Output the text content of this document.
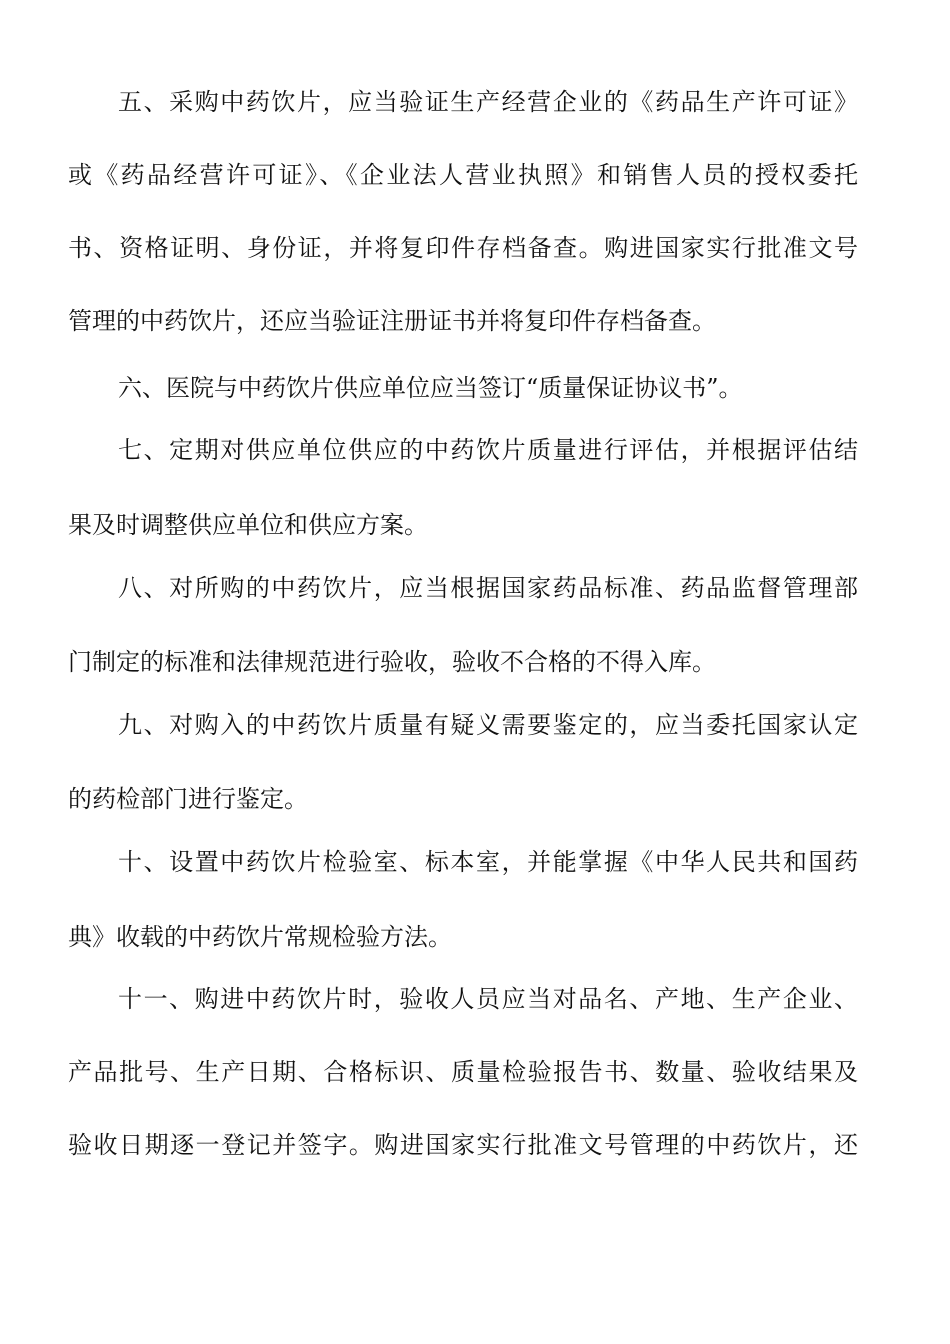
五、采购中药饮片，应当验证生产经营企业的《药品生产许可证》
或《药品经营许可证》、《企业法人营业执照》和销售人员的授权委托
书、资格证明、身份证，并将复印件存档备查。购进国家实行批准文号
管理的中药饮片，还应当验证注册证书并将复印件存档备查。
六、医院与中药饮片供应单位应当签订“质量保证协议书”。
七、定期对供应单位供应的中药饮片质量进行评估，并根据评估结
果及时调整供应单位和供应方案。
八、对所购的中药饮片，应当根据国家药品标准、药品监督管理部
门制定的标准和法律规范进行验收，验收不合格的不得入库。
九、对购入的中药饮片质量有疑义需要鉴定的，应当委托国家认定
的药检部门进行鉴定。
十、设置中药饮片检验室、标本室，并能掌握《中华人民共和国药
典》收载的中药饮片常规检验方法。
十一、购进中药饮片时，验收人员应当对品名、产地、生产企业、
产品批号、生产日期、合格标识、质量检验报告书、数量、验收结果及
验收日期逐一登记并签字。购进国家实行批准文号管理的中药饮片，还
